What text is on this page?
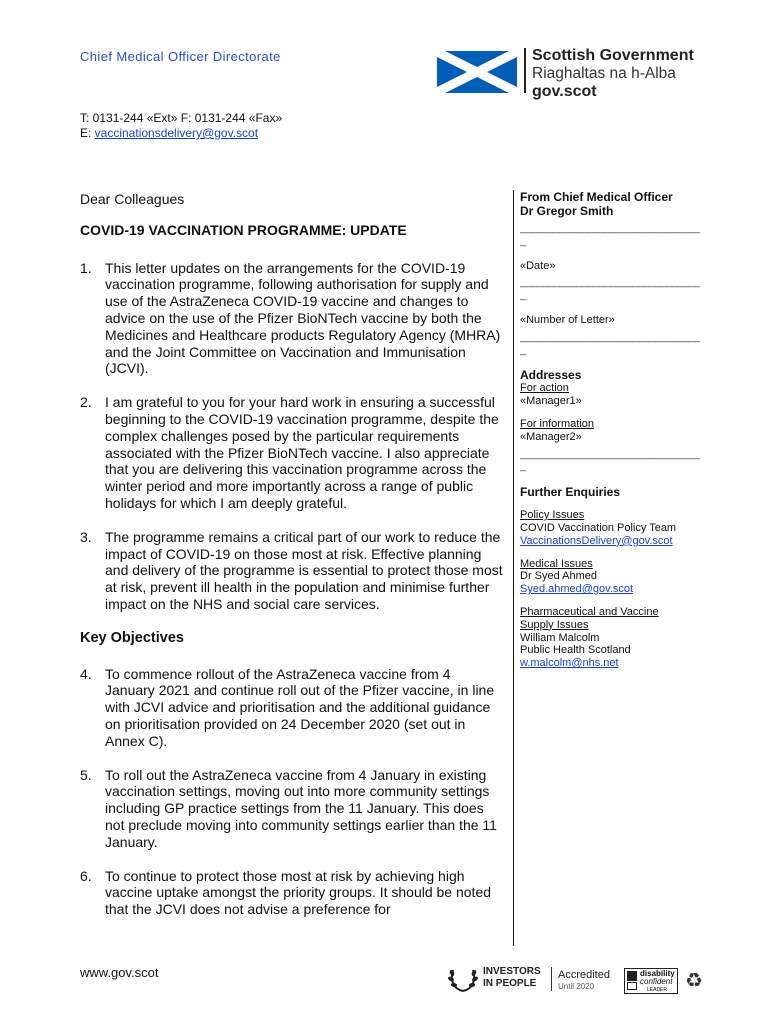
Chief Medical Officer Directorate
T: 0131-244 «Ext» F: 0131-244 «Fax»
E: vaccinationsdelivery@gov.scot
Scottish Government
Riaghaltas na h-Alba
gov.scot
Dear Colleagues
COVID-19 VACCINATION PROGRAMME: UPDATE
1. This letter updates on the arrangements for the COVID-19 vaccination programme, following authorisation for supply and use of the AstraZeneca COVID-19 vaccine and changes to advice on the use of the Pfizer BioNTech vaccine by both the Medicines and Healthcare products Regulatory Agency (MHRA) and the Joint Committee on Vaccination and Immunisation (JCVI).
2. I am grateful to you for your hard work in ensuring a successful beginning to the COVID-19 vaccination programme, despite the complex challenges posed by the particular requirements associated with the Pfizer BioNTech vaccine. I also appreciate that you are delivering this vaccination programme across the winter period and more importantly across a range of public holidays for which I am deeply grateful.
3. The programme remains a critical part of our work to reduce the impact of COVID-19 on those most at risk. Effective planning and delivery of the programme is essential to protect those most at risk, prevent ill health in the population and minimise further impact on the NHS and social care services.
Key Objectives
4. To commence rollout of the AstraZeneca vaccine from 4 January 2021 and continue roll out of the Pfizer vaccine, in line with JCVI advice and prioritisation and the additional guidance on prioritisation provided on 24 December 2020 (set out in Annex C).
5. To roll out the AstraZeneca vaccine from 4 January in existing vaccination settings, moving out into more community settings including GP practice settings from the 11 January. This does not preclude moving into community settings earlier than the 11 January.
6. To continue to protect those most at risk by achieving high vaccine uptake amongst the priority groups. It should be noted that the JCVI does not advise a preference for
From Chief Medical Officer
Dr Gregor Smith
________________________________
_
«Date»
________________________________
_
«Number of Letter»
________________________________
_
Addresses
For action
«Manager1»
For information
«Manager2»
________________________________
_
Further Enquiries
Policy Issues
COVID Vaccination Policy Team
VaccinationsDelivery@gov.scot
Medical Issues
Dr Syed Ahmed
Syed.ahmed@gov.scot
Pharmaceutical and Vaccine
Supply Issues
William Malcolm
Public Health Scotland
w.malcolm@nhs.net
www.gov.scot	INVESTORS
IN PEOPLE
Accredited
Until 2020
disability
confident
LEADER ♻
